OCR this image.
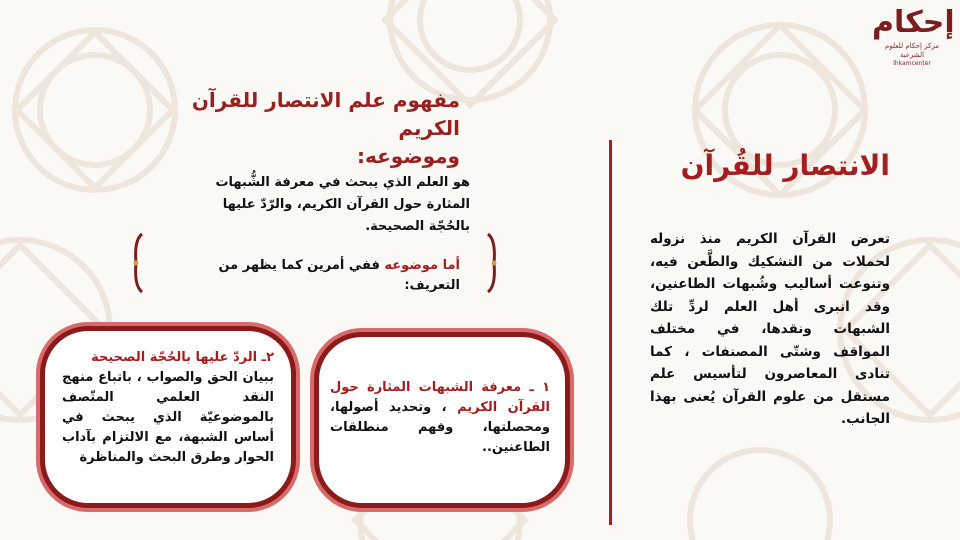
إحكام
مركز إحكام للعلوم الشرعية
Ihkamcenter
الانتصار للقُرآن
تعرض القرآن الكريم منذ نزوله لحملات من التشكيك والطَّعن فيه، وتنوعت أساليب وشُبهات الطاعنين، وقد انبرى أهل العلم لردِّ تلك الشبهات ونقدها، في مختلف المواقف وشتّى المصنفات ، كما تنادى المعاصرون لتأسيس علم مستقل من علوم القرآن يُعنى بهذا الجانب.
مفهوم علم الانتصار للقرآن الكريم
وموضوعه:
هو العلم الذي يبحث في معرفة الشُّبهات المثارة حول القرآن الكريم، والرّدّ عليها بالحُجّة الصحيحة.
أما موضوعه ففي أمرين كما يظهر من التعريف:
٢ـ الردّ عليها بالحُجّة الصحيحة
ببيان الحق والصواب ، باتباع منهج النقد العلمي المتّصف بالموضوعيّة الذي يبحث في أساس الشبهة، مع الالتزام بآداب الحوار وطرق البحث والمناظرة
١ ـ معرفة الشبهات المثارة حول القرآن الكريم ، وتحديد أصولها، ومحصلتها، وفهم منطلقات الطاعنين..
